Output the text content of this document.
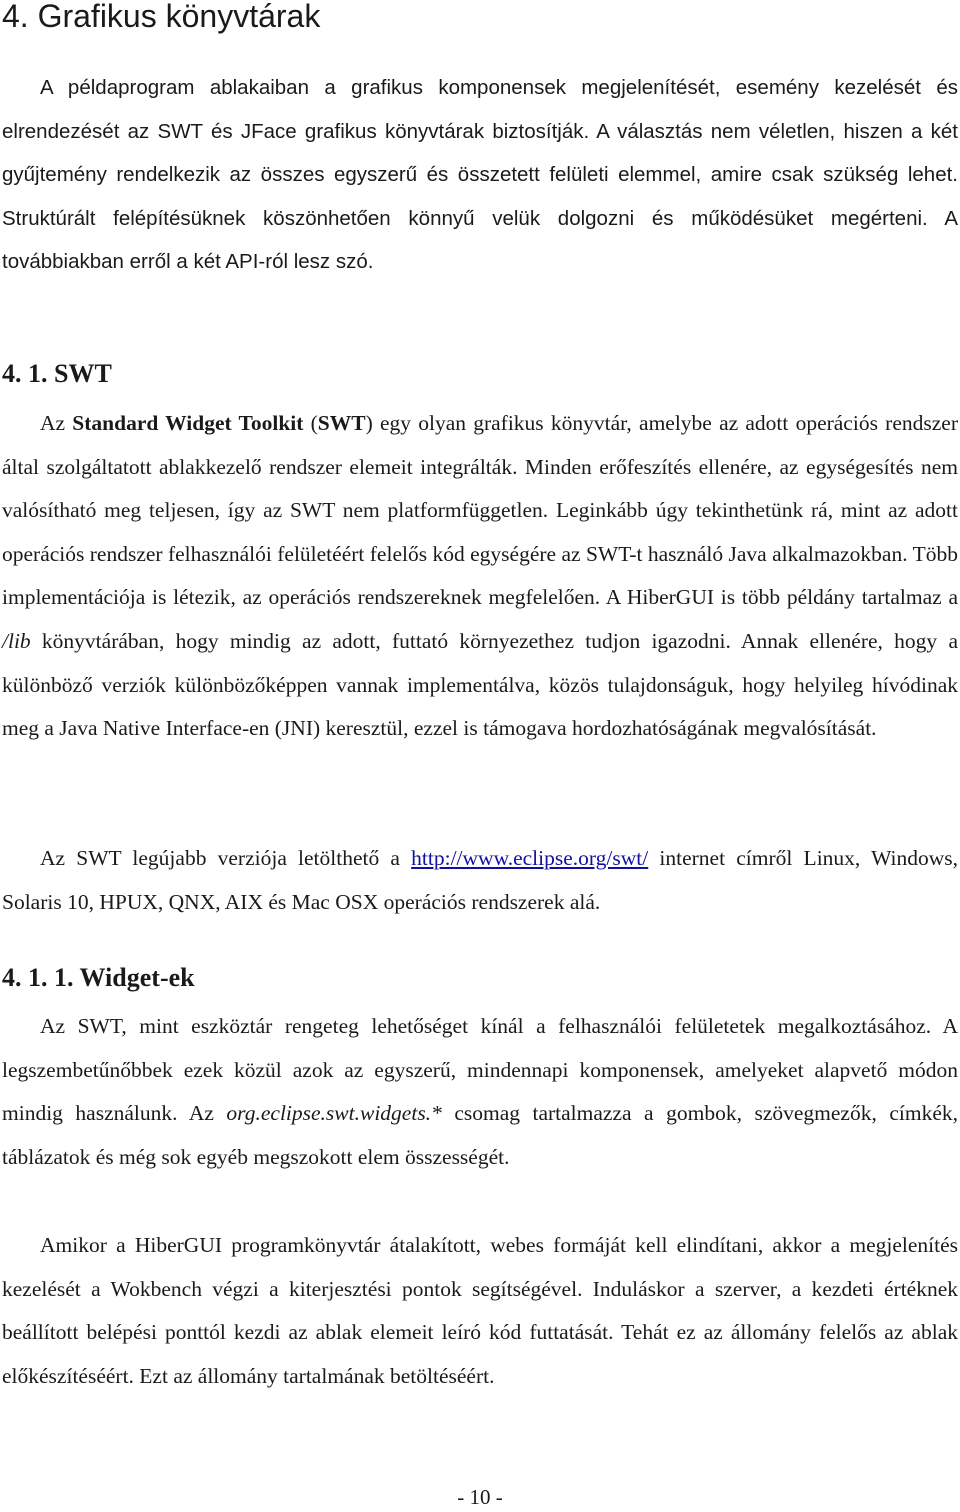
4. Grafikus könyvtárak

A példaprogram ablakaiban a grafikus komponensek megjelenítését, esemény kezelését és elrendezését az SWT és JFace grafikus könyvtárak biztosítják. A választás nem véletlen, hiszen a két gyűjtemény rendelkezik az összes egyszerű és összetett felületi elemmel, amire csak szükség lehet. Struktúrált felépítésüknek köszönhetően könnyű velük dolgozni és működésüket megérteni. A továbbiakban erről a két API-ról lesz szó.

4. 1. SWT

Az Standard Widget Toolkit (SWT) egy olyan grafikus könyvtár, amelybe az adott operációs rendszer által szolgáltatott ablakkezelő rendszer elemeit integrálták. Minden erőfeszítés ellenére, az egységesítés nem valósítható meg teljesen, így az SWT nem platformfüggetlen. Leginkább úgy tekinthetünk rá, mint az adott operációs rendszer felhasználói felületéért felelős kód egységére az SWT-t használó Java alkalmazokban. Több implementációja is létezik, az operációs rendszereknek megfelelően. A HiberGUI is több példány tartalmaz a /lib könyvtárában, hogy mindig az adott, futtató környezethez tudjon igazodni. Annak ellenére, hogy a különböző verziók különbözőképpen vannak implementálva, közös tulajdonságuk, hogy helyileg hívódinak meg a Java Native Interface-en (JNI) keresztül, ezzel is támogava hordozhatóságának megvalósítását.

Az SWT legújabb verziója letölthető a http://www.eclipse.org/swt/ internet címről Linux, Windows, Solaris 10, HPUX, QNX, AIX és Mac OSX operációs rendszerek alá.

4. 1. 1. Widget-ek

Az SWT, mint eszköztár rengeteg lehetőséget kínál a felhasználói felületetek megalkoztásához. A legszembetűnőbbek ezek közül azok az egyszerű, mindennapi komponensek, amelyeket alapvető módon mindig használunk. Az org.eclipse.swt.widgets.* csomag tartalmazza a gombok, szövegmezők, címkék, táblázatok és még sok egyéb megszokott elem összességét.

Amikor a HiberGUI programkönyvtár átalakított, webes formáját kell elindítani, akkor a megjelenítés kezelését a Wokbench végzi a kiterjesztési pontok segítségével. Induláskor a szerver, a kezdeti értéknek beállított belépési ponttól kezdi az ablak elemeit leíró kód futtatását. Tehát ez az állomány felelős az ablak előkészítéséért. Ezt az állomány tartalmának betöltéséért.

- 10 -
